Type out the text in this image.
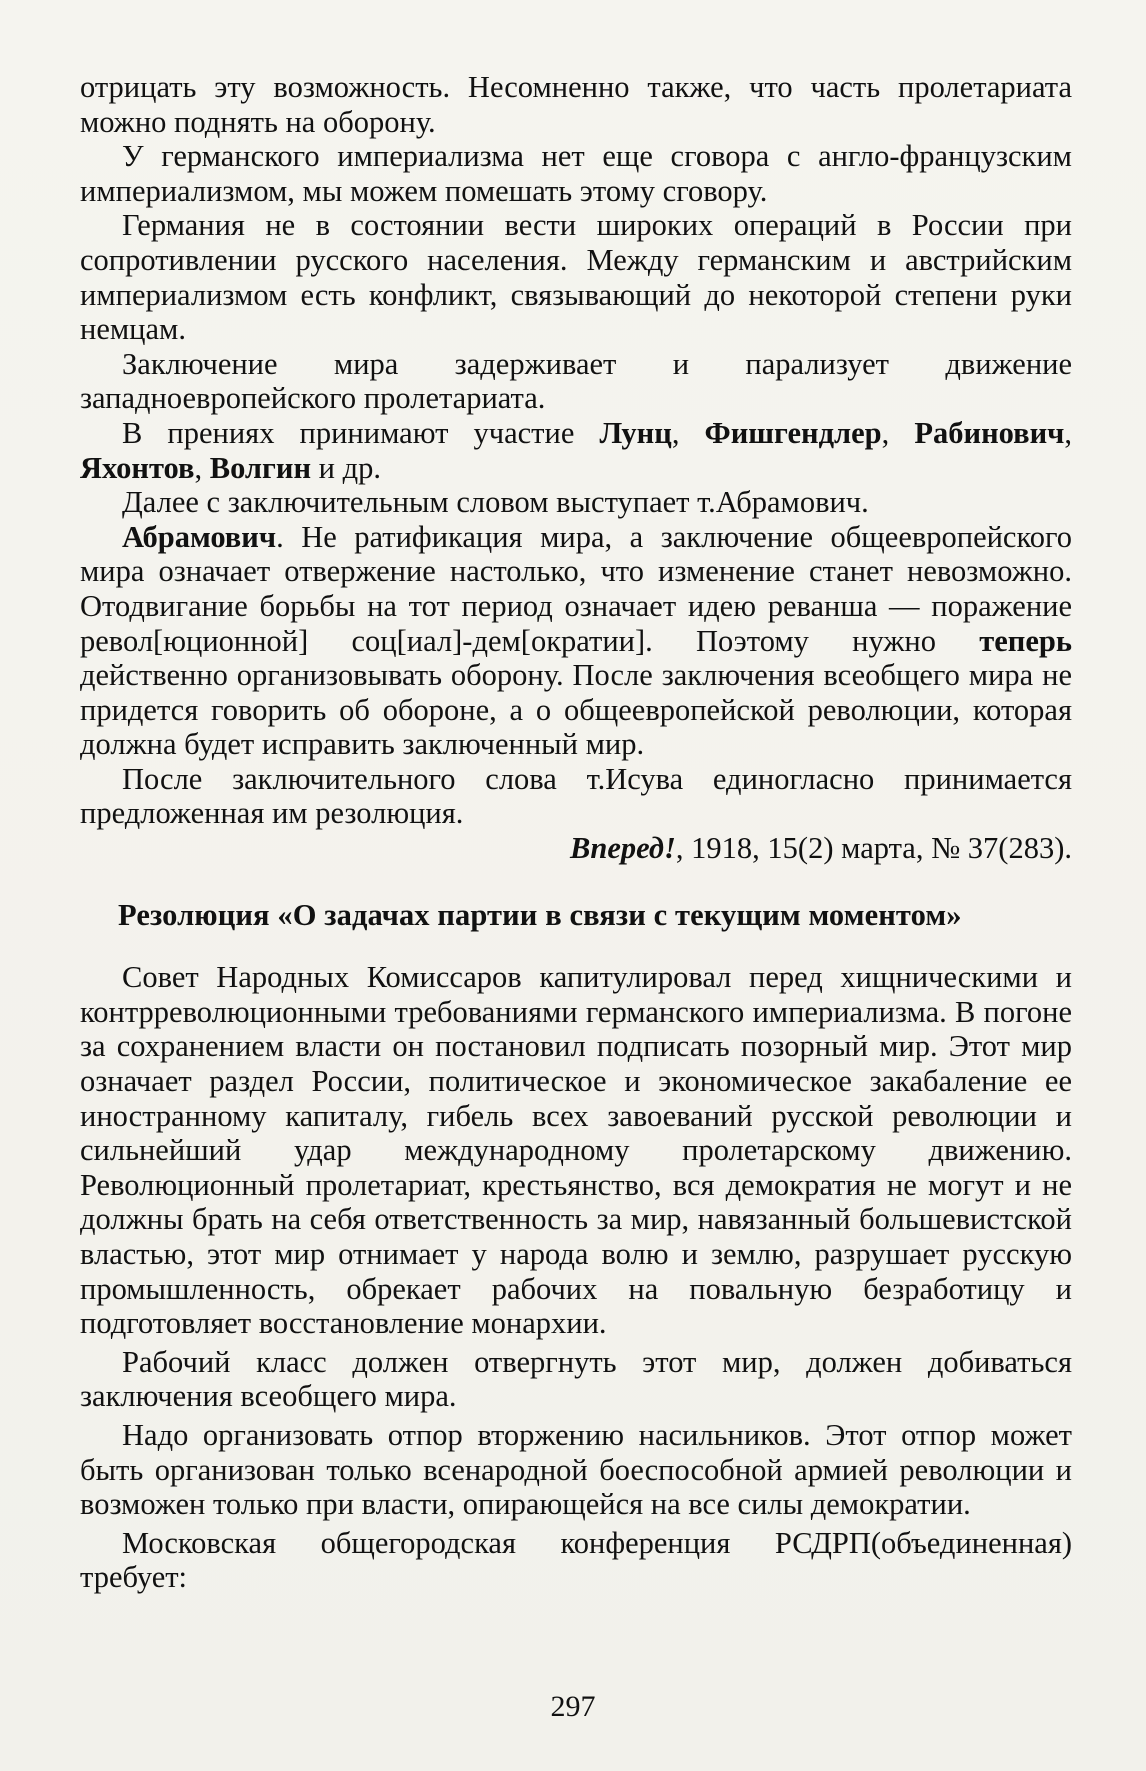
отрицать эту возможность. Несомненно также, что часть пролетариата можно поднять на оборону.

У германского империализма нет еще сговора с англо-французским империализмом, мы можем помешать этому сговору.

Германия не в состоянии вести широких операций в России при сопротивлении русского населения. Между германским и австрийским империализмом есть конфликт, связывающий до некоторой степени руки немцам.

Заключение мира задерживает и парализует движение западноевропейского пролетариата.

В прениях принимают участие Лунц, Фишгендлер, Рабинович, Яхонтов, Волгин и др.

Далее с заключительным словом выступает т.Абрамович.

Абрамович. Не ратификация мира, а заключение общеевропейского мира означает отвержение настолько, что изменение станет невозможно. Отодвигание борьбы на тот период означает идею реванша — поражение револ[юционной] соц[иал]-дем[ократии]. Поэтому нужно теперь действенно организовывать оборону. После заключения всеобщего мира не придется говорить об обороне, а о общеевропейской революции, которая должна будет исправить заключенный мир.

После заключительного слова т.Исува единогласно принимается предложенная им резолюция.

Вперед!, 1918, 15(2) марта, № 37(283).

Резолюция «О задачах партии в связи с текущим моментом»

Совет Народных Комиссаров капитулировал перед хищническими и контрреволюционными требованиями германского империализма. В погоне за сохранением власти он постановил подписать позорный мир. Этот мир означает раздел России, политическое и экономическое закабаление ее иностранному капиталу, гибель всех завоеваний русской революции и сильнейший удар международному пролетарскому движению. Революционный пролетариат, крестьянство, вся демократия не могут и не должны брать на себя ответственность за мир, навязанный большевистской властью, этот мир отнимает у народа волю и землю, разрушает русскую промышленность, обрекает рабочих на повальную безработицу и подготовляет восстановление монархии.

Рабочий класс должен отвергнуть этот мир, должен добиваться заключения всеобщего мира.

Надо организовать отпор вторжению насильников. Этот отпор может быть организован только всенародной боеспособной армией революции и возможен только при власти, опирающейся на все силы демократии.

Московская общегородская конференция РСДРП(объединенная) требует:

297
